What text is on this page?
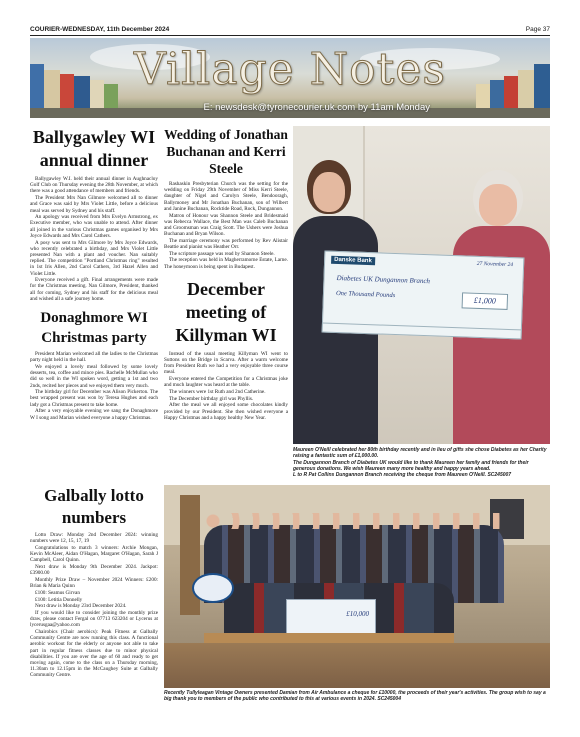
COURIER-WEDNESDAY, 11th December 2024	Page 37
Village Notes
E: newsdesk@tyronecourier.uk.com by 11am Monday
Ballygawley WI annual dinner

Ballygawley W.I. held their annual dinner in Aughnacloy Golf Club on Thursday evening the 28th November, at which there was a good attendance of members and friends.

The President Mrs Nan Gilmore welcomed all to dinner and Grace was said by Mrs Violet Little, before a delicious meal was served by Sydney and his staff.

An apology was received from Mrs Evelyn Armstrong, ex Executive member, who was unable to attend. After dinner all joined in the various Christmas games organised by Mrs Joyce Edwards and Mrs Carol Cathers.

A posy was sent to Mrs Gilmore by Mrs Joyce Edwards, who recently celebrated a birthday, and Mrs Violet Little presented Nan with a plant and voucher. Nan suitably replied. The competition "Portland Christmas ring" resulted in 1st Iris Allen, 2nd Carol Cathers, 3rd Hazel Allen and Violet Little.

Everyone received a gift. Final arrangements were made for the Christmas meeting. Nan Gilmore, President, thanked all for coming, Sydney and his staff for the delicious meal and wished all a safe journey home.

Donaghmore WI Christmas party

President Marian welcomed all the ladies to the Christmas party night held in the hall.

We enjoyed a lovely meal followed by some lovely desserts, tea, coffee and mince pies. Rachelle McMullan who did so well in the WI spoken word, getting a 1st and two 2nds, recited her pieces and we enjoyed them very much.

The birthday girl for December was Alison Pickerton. The best wrapped present was won by Teresa Hughes and each lady got a Christmas present to take home.

After a very enjoyable evening we sang the Donaghmore W I song and Marian wished everyone a happy Christmas.

Wedding of Jonathan Buchanan and Kerri Steele

Rashaskin Presbyterian Church was the setting for the wedding on Friday 29th November of Miss Kerri Steele, daughter of Nigel and Carolyn Steele, Bendooragh, Ballymoney and Mr Jonathan Buchanan, son of Wilbert and Janine Buchanan, Rocktide Road, Rock, Dungannon.

Matron of Honour was Shannon Steele and Bridesmaid was Rebecca Wallace, the Best Man was Caleb Buchanan and Groomsman was Craig Scott. The Ushers were Joshua Buchanan and Bryan Wilson.

The marriage ceremony was performed by Rev Alistair Beattie and pianist was Heather Orr.

The scripture passage was read by Shannon Steele.

The reception was held in Magherramorne Estate, Larne. The honeymoon is being spent in Budapest.

December meeting of Killyman WI

Instead of the usual meeting Killyman WI went to Suttons on the Bridge in Scarva. After a warm welcome from President Ruth we had a very enjoyable three course meal.

Everyone entered the Competition for a Christmas joke and much laughter was heard at the table.

The winners were 1st Ruth and 2nd Catherine.

The December birthday girl was Phyllis.

After the meal we all enjoyed some chocolates kindly provided by our President. She then wished everyone a Happy Christmas and a happy healthy New Year.

Galbally lotto numbers

Lotto Draw: Monday 2nd December 2024: winning numbers were 12, 15, 17, 19

Congratulations to match 3 winners: Archie Mongan, Kevin McAleer, Aidan O'Hagan, Margaret O'Hagan, Sarah J Campbell, Carol Quinn.

Next draw is Monday 9th December 2024. Jackpot: £3900.00

Monthly Prize Draw – November 2024 Winners: £200: Brian & Maria Quinn

£100: Seamus Girvan

£100: Letitia Donnelly

Next draw is Monday 23rd December 2024.

If you would like to consider joining the monthly prize draw, please contact Fergal on 07713 623204 or Lycerus at lycerusgaa@yahoo.com

Chairobics (Chair aerobics): Peak Fitness at Galbally Community Centre are now running this class. A functional aerobic workout for the elderly or anyone not able to take part in regular fitness classes due to minor physical disabilities. If you are over the age of 60 and ready to get moving again, come to the class on a Thursday morning, 11.30am to 12.15pm in the McCaughey Suite at Galbally Community Centre.

Danske Bank
27 November 24
Diabetes UK Dungannon Branch
One Thousand Pounds
£1,000
Maureen O'Neill celebrated her 80th birthday recently and in lieu of gifts she chose Diabetes as her Charity raising a fantastic sum of £1,000.00.
The Dungannon Branch of Diabetes UK would like to thank Maureen her family and friends for their generous donations. We wish Maureen many more healthy and happy years ahead.
L to R Pat Collins Dungannon Branch receiving the cheque from Maureen O'Neill. SC245007
£10,000
Recently Tullyleagan Vintage Owners presented Damian from Air Ambulance a cheque for £10000, the proceeds of their year's activities. The group wish to say a big thank you to members of the public who contributed to this at various events in 2024. SC245004
